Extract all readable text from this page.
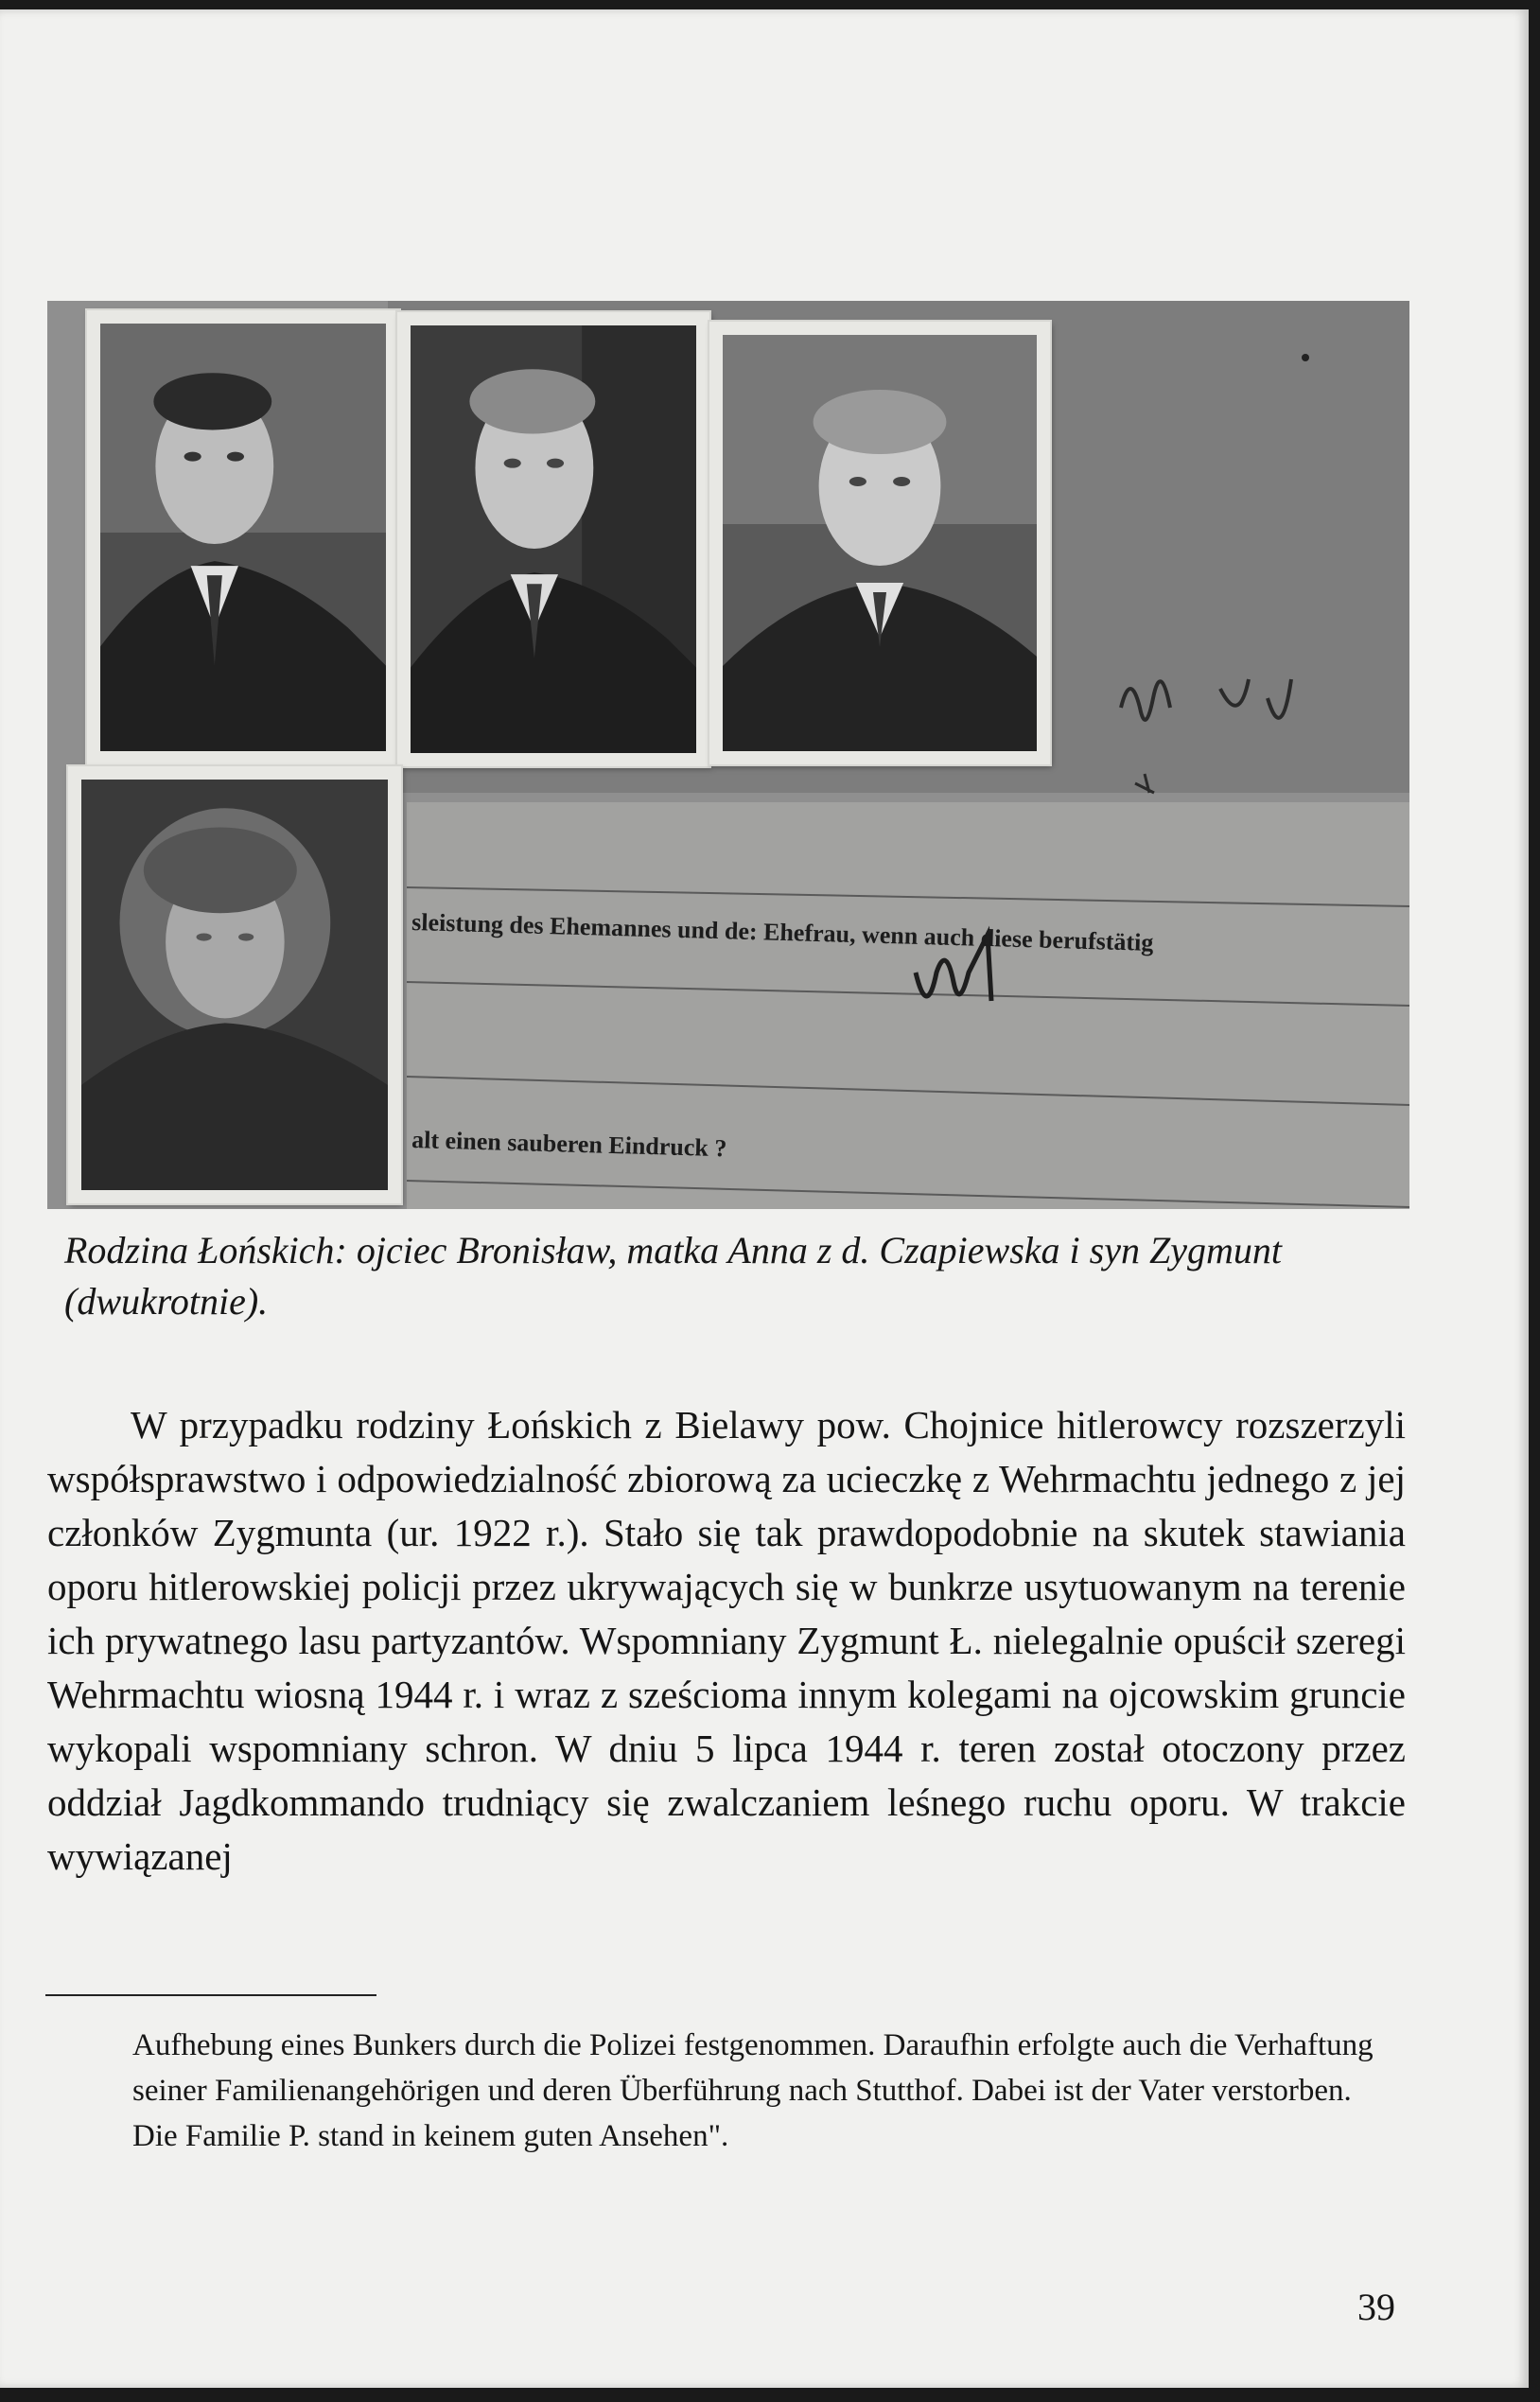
sleistung des Ehemannes und de: Ehefrau, wenn auch diese berufstätig
alt einen sauberen Eindruck ?

Rodzina Łońskich: ojciec Bronisław, matka Anna z d. Czapiewska i syn Zygmunt (dwukrotnie).

W przypadku rodziny Łońskich z Bielawy pow. Chojnice hitlerowcy rozszerzyli współsprawstwo i odpowiedzialność zbiorową za ucieczkę z Wehrmachtu jednego z jej członków Zygmunta (ur. 1922 r.). Stało się tak prawdopodobnie na skutek stawiania oporu hitlerowskiej policji przez ukrywających się w bunkrze usytuowanym na terenie ich prywatnego lasu partyzantów. Wspomniany Zygmunt Ł. nielegalnie opuścił szeregi Wehrmachtu wiosną 1944 r. i wraz z sześcioma innym kolegami na ojcowskim gruncie wykopali wspomniany schron. W dniu 5 lipca 1944 r. teren został otoczony przez oddział Jagdkommando trudniący się zwalczaniem leśnego ruchu oporu. W trakcie wywiązanej

Aufhebung eines Bunkers durch die Polizei festgenommen. Daraufhin erfolgte auch die Verhaftung seiner Familienangehörigen und deren Überführung nach Stutthof. Dabei ist der Vater verstorben. Die Familie P. stand in keinem guten Ansehen".

39
